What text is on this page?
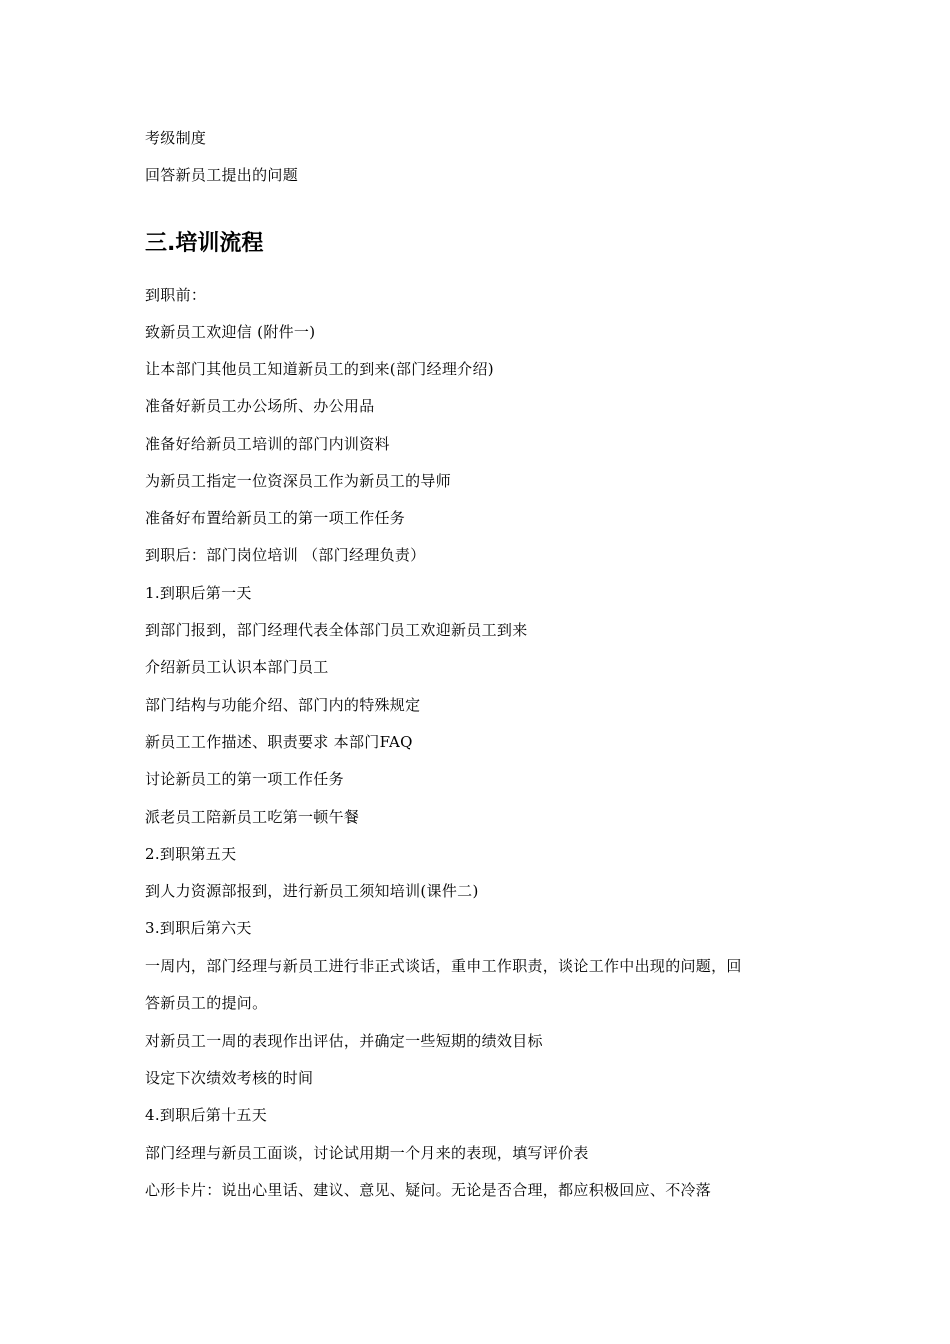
考级制度
回答新员工提出的问题
三.培训流程
到职前：
致新员工欢迎信 (附件一)
让本部门其他员工知道新员工的到来(部门经理介绍)
准备好新员工办公场所、办公用品
准备好给新员工培训的部门内训资料
为新员工指定一位资深员工作为新员工的导师
准备好布置给新员工的第一项工作任务
到职后：部门岗位培训 （部门经理负责）
1.到职后第一天
到部门报到，部门经理代表全体部门员工欢迎新员工到来
介绍新员工认识本部门员工
部门结构与功能介绍、部门内的特殊规定
新员工工作描述、职责要求 本部门FAQ
讨论新员工的第一项工作任务
派老员工陪新员工吃第一顿午餐
2.到职第五天
到人力资源部报到，进行新员工须知培训(课件二)
3.到职后第六天
一周内，部门经理与新员工进行非正式谈话，重申工作职责，谈论工作中出现的问题，回
答新员工的提问。
对新员工一周的表现作出评估，并确定一些短期的绩效目标
设定下次绩效考核的时间
4.到职后第十五天
部门经理与新员工面谈，讨论试用期一个月来的表现，填写评价表
心形卡片：说出心里话、建议、意见、疑问。无论是否合理，都应积极回应、不冷落
